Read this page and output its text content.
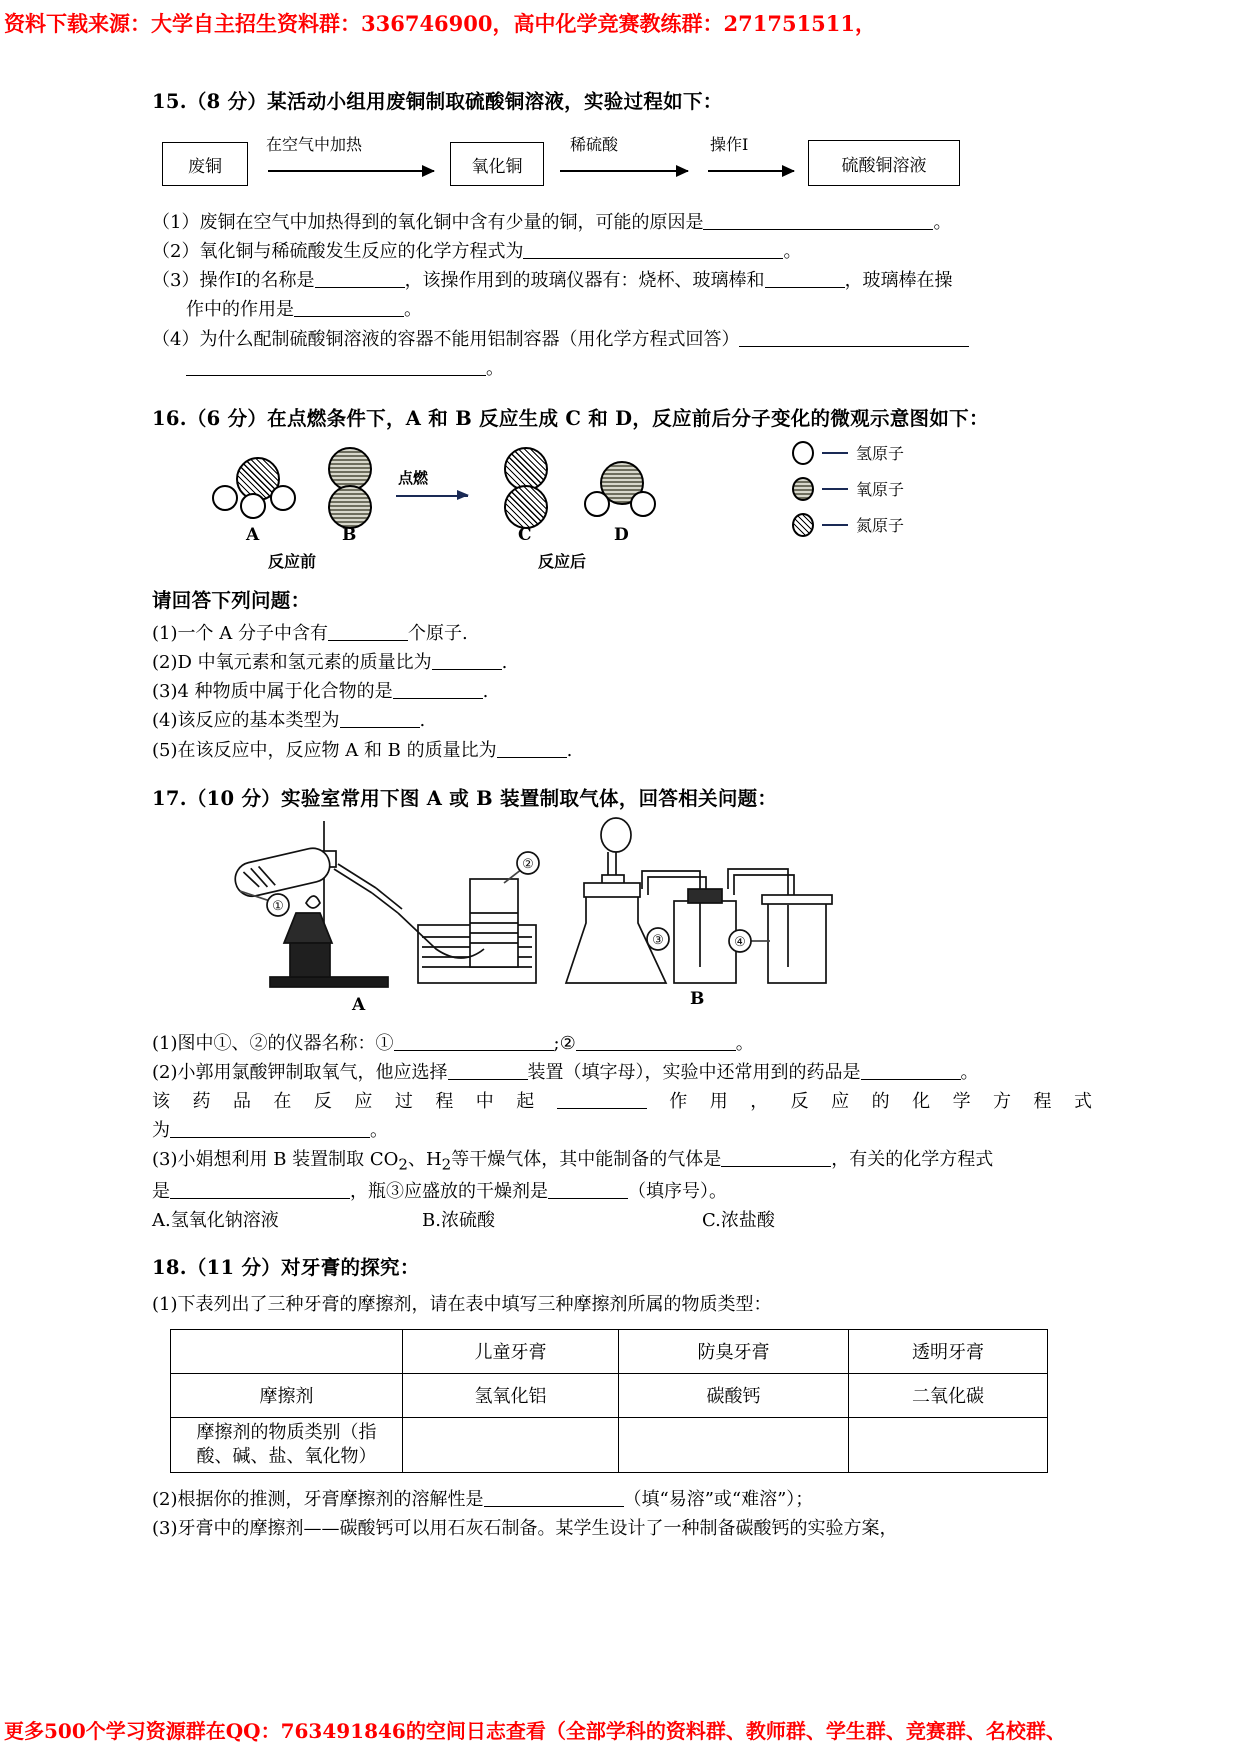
资料下载来源：大学自主招生资料群：336746900，高中化学竞赛教练群：271751511，
15.（8 分）某活动小组用废铜制取硫酸铜溶液，实验过程如下：
废铜	氧化铜	硫酸铜溶液
在空气中加热	稀硫酸	操作Ⅰ

（1）废铜在空气中加热得到的氧化铜中含有少量的铜，可能的原因是	。

（2）氧化铜与稀硫酸发生反应的化学方程式为	。

（3）操作Ⅰ的名称是	，该操作用到的玻璃仪器有：烧杯、玻璃棒和	，玻璃棒在操

作中的作用是	。

（4）为什么配制硫酸铜溶液的容器不能用铝制容器（用化学方程式回答）

。

16.（6 分）在点燃条件下，A 和 B 反应生成 C 和 D，反应前后分子变化的微观示意图如下：
A	B
点燃
C	D
反应前	反应后
氢原子
氧原子
氮原子
请回答下列问题：

(1)一个 A 分子中含有	个原子.

(2)D 中氧元素和氢元素的质量比为	.

(3)4 种物质中属于化合物的是	.

(4)该反应的基本类型为	.

(5)在该反应中，反应物 A 和 B 的质量比为	.

17.（10 分）实验室常用下图 A 或 B 装置制取气体，回答相关问题：
①
②
③	④
A	B

(1)图中①、②的仪器名称：①	;②	。

(2)小郭用氯酸钾制取氧气，他应选择	装置（填字母），实验中还常用到的药品是	。

该药品在反应过程中起	作用，反应的化学方程式

为	。

(3)小娟想利用 B 装置制取 $CO_2$、$H_2$等干燥气体，其中能制备的气体是	，有关的化学方程式

是	，瓶③应盛放的干燥剂是	（填序号）。

A.氢氧化钠溶液	B.浓硫酸	C.浓盐酸

18.（11 分）对牙膏的探究：

(1)下表列出了三种牙膏的摩擦剂，请在表中填写三种摩擦剂所属的物质类型：

	儿童牙膏	防臭牙膏	透明牙膏
摩擦剂	氢氧化铝	碳酸钙	二氧化碳
摩擦剂的物质类别（指
酸、碱、盐、氧化物）			

(2)根据你的推测，牙膏摩擦剂的溶解性是	（填“易溶”或“难溶”）；

(3)牙膏中的摩擦剂——碳酸钙可以用石灰石制备。某学生设计了一种制备碳酸钙的实验方案，

更多500个学习资源群在QQ：763491846的空间日志查看（全部学科的资料群、教师群、学生群、竞赛群、名校群、
